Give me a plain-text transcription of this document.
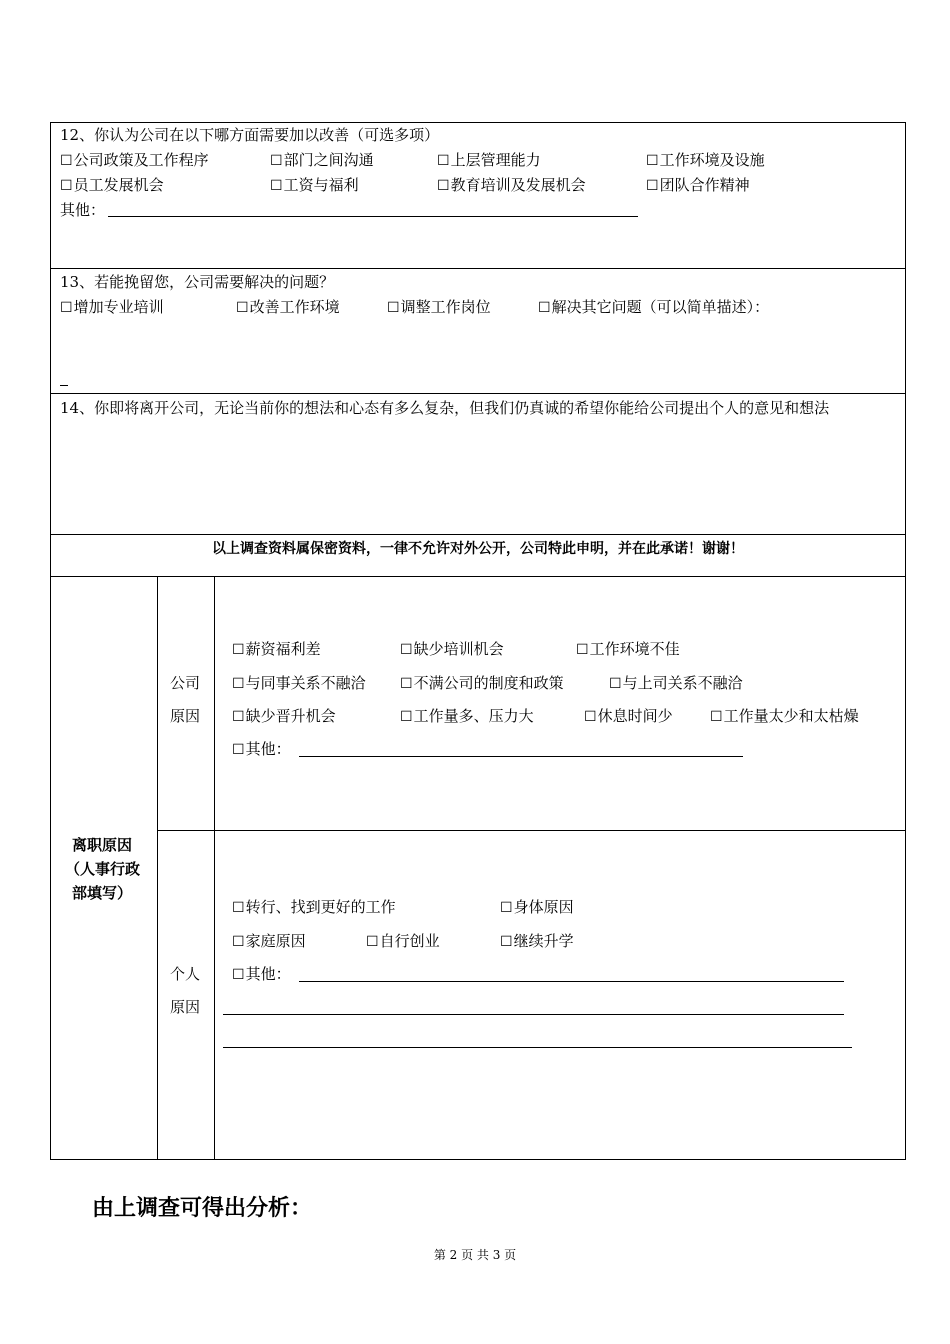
12、你认为公司在以下哪方面需要加以改善（可选多项）
☐ 公司政策及工作程序	☐ 部门之间沟通	☐ 上层管理能力	☐ 工作环境及设施
☐ 员工发展机会	☐ 工资与福利	☐ 教育培训及发展机会	☐ 团队合作精神
其他：
13、若能挽留您，公司需要解决的问题？
☐ 增加专业培训	☐ 改善工作环境	☐ 调整工作岗位	☐ 解决其它问题（可以简单描述）：
14、你即将离开公司，无论当前你的想法和心态有多么复杂，但我们仍真诚的希望你能给公司提出个人的意见和想法
以上调查资料属保密资料，一律不允许对外公开，公司特此申明，并在此承诺！谢谢！
离职原因
（人事行政
部填写）
公司
原因
☐ 薪资福利差	☐ 缺少培训机会	☐ 工作环境不佳
☐ 与同事关系不融洽	☐ 不满公司的制度和政策	☐ 与上司关系不融洽
☐ 缺少晋升机会	☐ 工作量多、压力大	☐ 休息时间少	☐ 工作量太少和太枯燥
☐ 其他：
个人
原因
☐ 转行、找到更好的工作	☐ 身体原因
☐ 家庭原因	☐ 自行创业	☐ 继续升学
☐ 其他：
由上调查可得出分析：
第 2 页 共 3 页
